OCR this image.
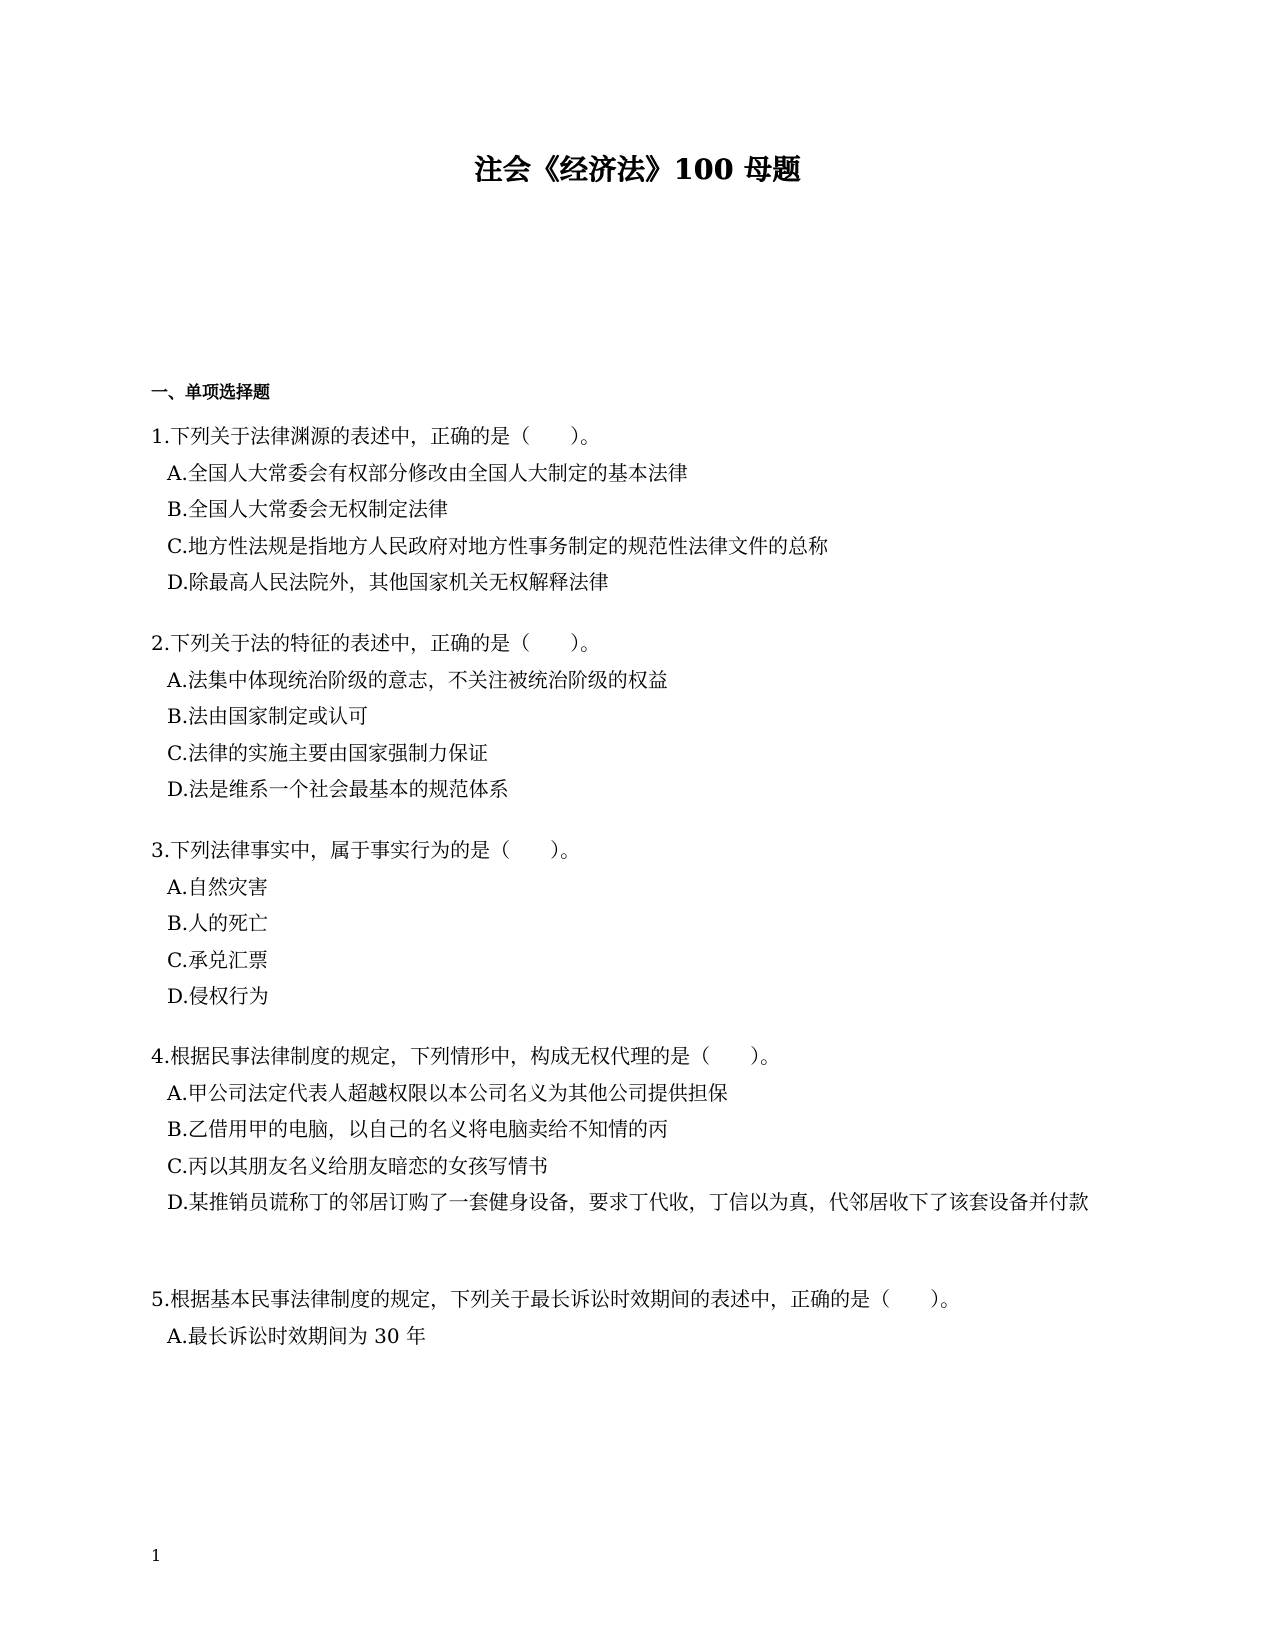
注会《经济法》100 母题
一、单项选择题
1.下列关于法律渊源的表述中，正确的是（　　）。
A.全国人大常委会有权部分修改由全国人大制定的基本法律
B.全国人大常委会无权制定法律
C.地方性法规是指地方人民政府对地方性事务制定的规范性法律文件的总称
D.除最高人民法院外，其他国家机关无权解释法律
2.下列关于法的特征的表述中，正确的是（　　）。
A.法集中体现统治阶级的意志，不关注被统治阶级的权益
B.法由国家制定或认可
C.法律的实施主要由国家强制力保证
D.法是维系一个社会最基本的规范体系
3.下列法律事实中，属于事实行为的是（　　）。
A.自然灾害
B.人的死亡
C.承兑汇票
D.侵权行为
4.根据民事法律制度的规定，下列情形中，构成无权代理的是（　　）。
A.甲公司法定代表人超越权限以本公司名义为其他公司提供担保
B.乙借用甲的电脑，以自己的名义将电脑卖给不知情的丙
C.丙以其朋友名义给朋友暗恋的女孩写情书
D.某推销员谎称丁的邻居订购了一套健身设备，要求丁代收，丁信以为真，代邻居收下了该套设备并付款
5.根据基本民事法律制度的规定，下列关于最长诉讼时效期间的表述中，正确的是（　　）。
A.最长诉讼时效期间为 30 年
1
